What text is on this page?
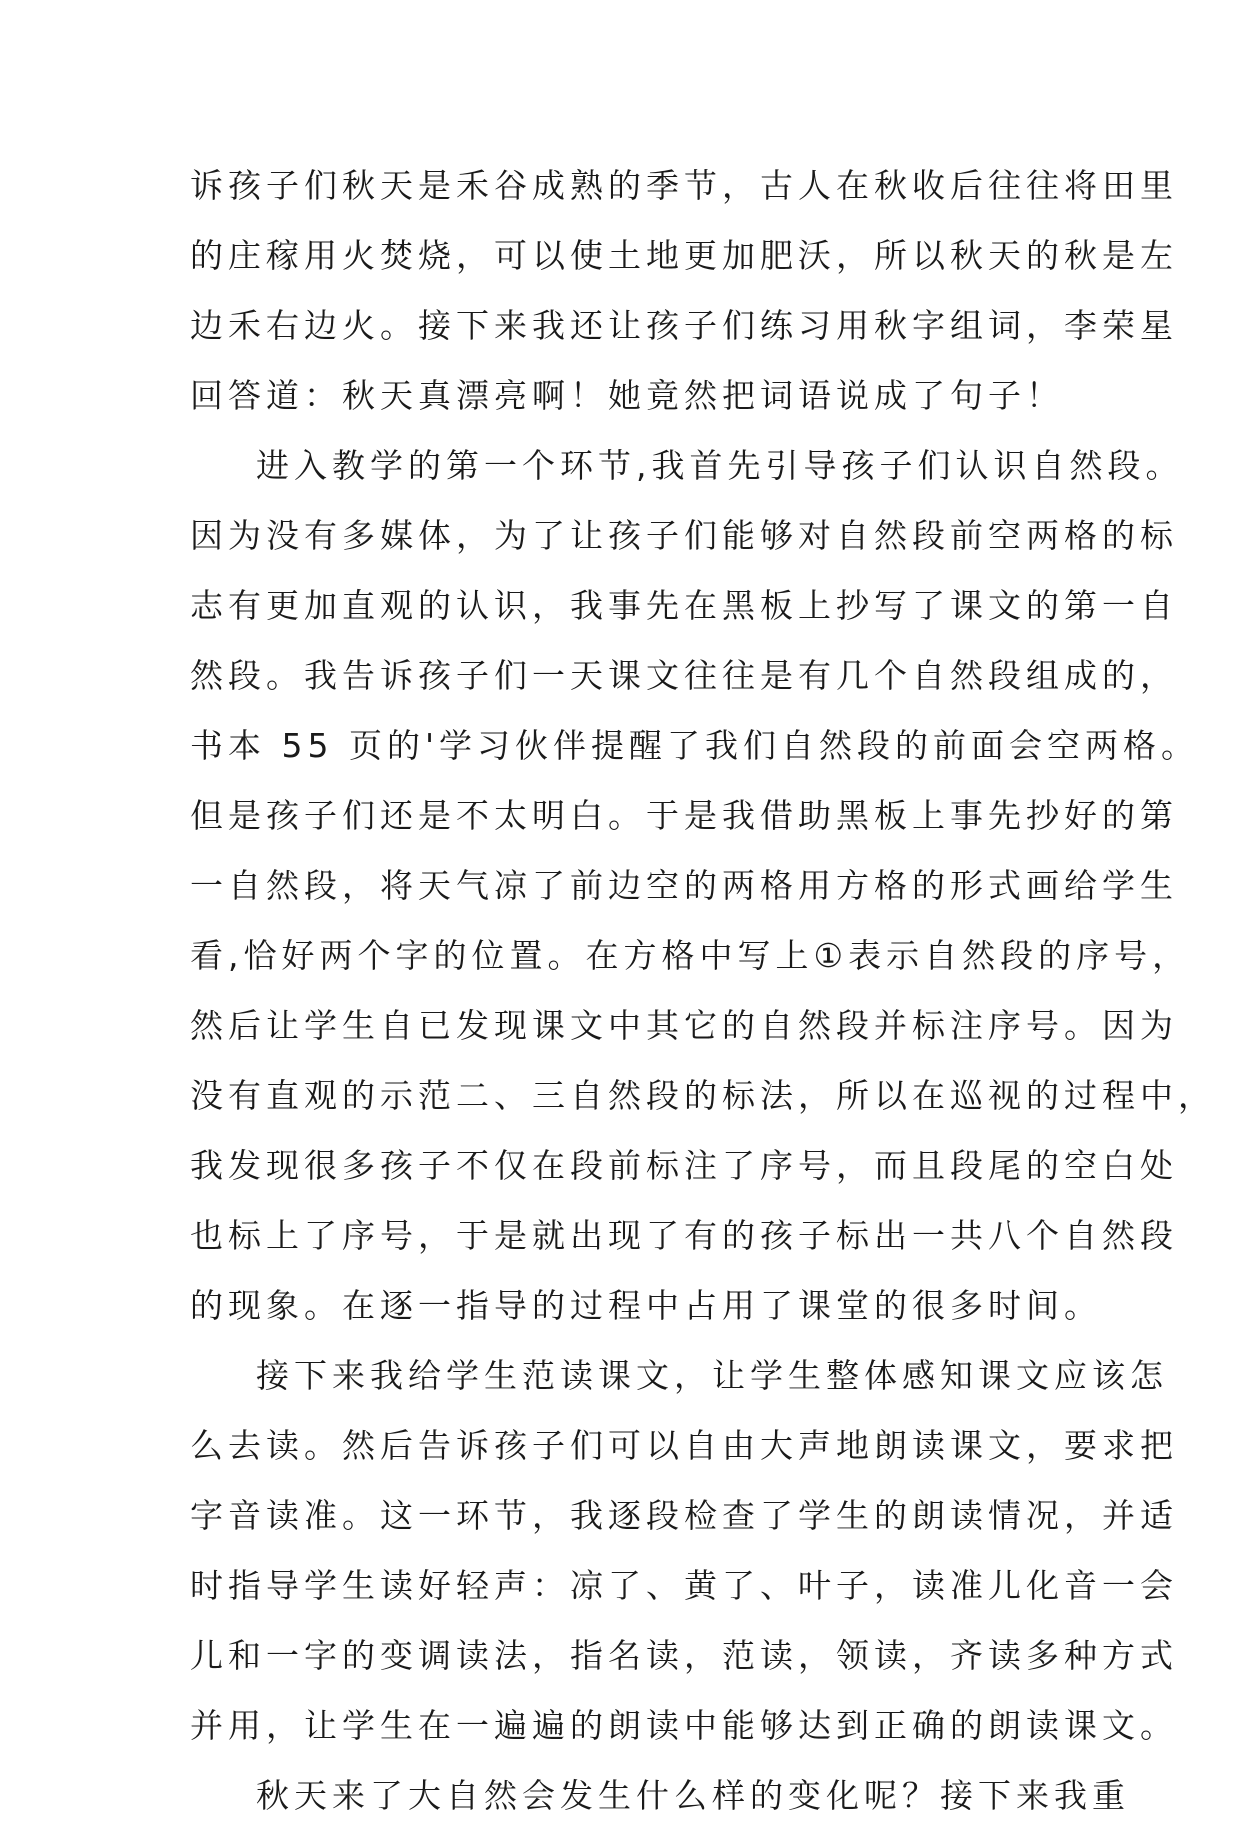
诉孩子们秋天是禾谷成熟的季节，古人在秋收后往往将田里
的庄稼用火焚烧，可以使土地更加肥沃，所以秋天的秋是左
边禾右边火。接下来我还让孩子们练习用秋字组词，李荣星
回答道：秋天真漂亮啊！她竟然把词语说成了句子！
进入教学的第一个环节,我首先引导孩子们认识自然段。
因为没有多媒体，为了让孩子们能够对自然段前空两格的标
志有更加直观的认识，我事先在黑板上抄写了课文的第一自
然段。我告诉孩子们一天课文往往是有几个自然段组成的，
书本 55 页的'学习伙伴提醒了我们自然段的前面会空两格。
但是孩子们还是不太明白。于是我借助黑板上事先抄好的第
一自然段，将天气凉了前边空的两格用方格的形式画给学生
看,恰好两个字的位置。在方格中写上①表示自然段的序号，
然后让学生自已发现课文中其它的自然段并标注序号。因为
没有直观的示范二、三自然段的标法，所以在巡视的过程中，
我发现很多孩子不仅在段前标注了序号，而且段尾的空白处
也标上了序号，于是就出现了有的孩子标出一共八个自然段
的现象。在逐一指导的过程中占用了课堂的很多时间。
接下来我给学生范读课文，让学生整体感知课文应该怎
么去读。然后告诉孩子们可以自由大声地朗读课文，要求把
字音读准。这一环节，我逐段检查了学生的朗读情况，并适
时指导学生读好轻声：凉了、黄了、叶子，读准儿化音一会
儿和一字的变调读法，指名读，范读，领读，齐读多种方式
并用，让学生在一遍遍的朗读中能够达到正确的朗读课文。
秋天来了大自然会发生什么样的变化呢？接下来我重
